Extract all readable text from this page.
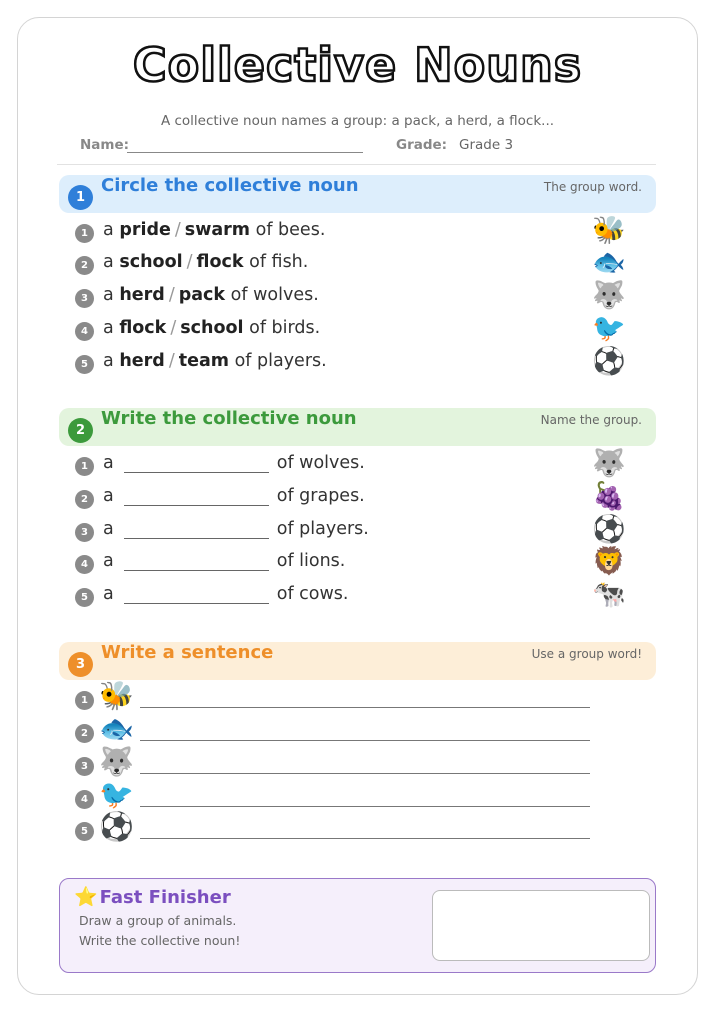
Collective Nouns
A collective noun names a group: a pack, a herd, a flock...
Name:	Grade: Grade 3
1
Circle the collective noun	The group word.
1 a pride / swarm of bees.	🐝
2 a school / flock of fish.	🐟
3 a herd / pack of wolves.	🐺
4 a flock / school of birds.	🐦
5 a herd / team of players.	⚽
2
Write the collective noun	Name the group.
1 a	of wolves.	🐺
2 a	of grapes.	🍇
3 a	of players.	⚽
4 a	of lions.	🦁
5 a	of cows.	🐄
3
Write a sentence	Use a group word!
1 🐝
2 🐟
3 🐺
4 🐦
5 ⚽
⭐ Fast Finisher
Draw a group of animals.
Write the collective noun!
